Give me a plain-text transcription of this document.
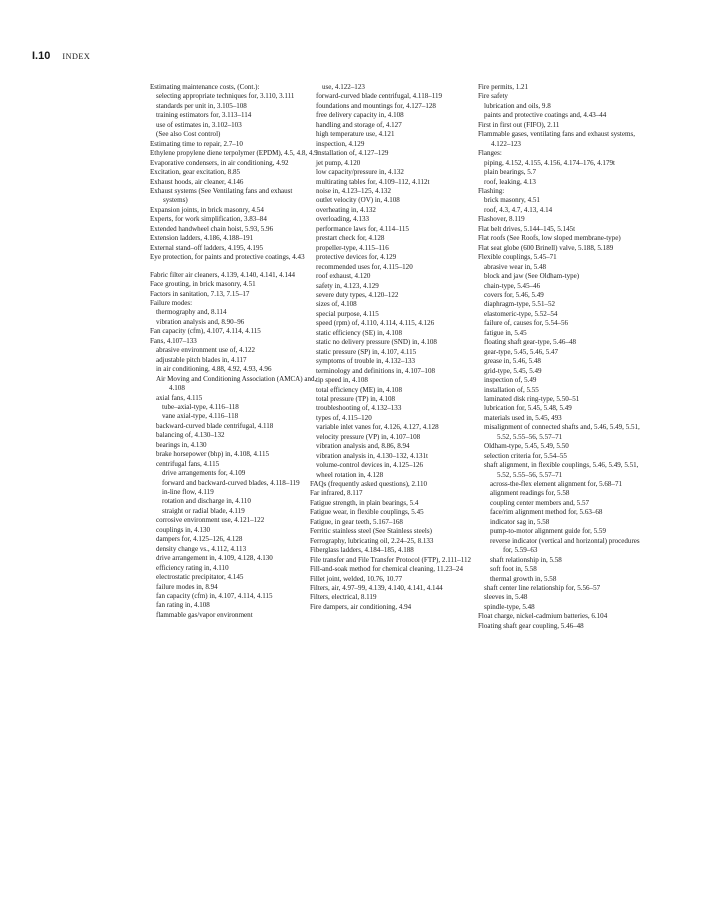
I.10 INDEX
Estimating maintenance costs, (Cont.):
selecting appropriate techniques for, 3.110, 3.111
standards per unit in, 3.105–108
training estimators for, 3.113–114
use of estimates in, 3.102–103
(See also Cost control)
Estimating time to repair, 2.7–10
Ethylene propylene diene terpolymer (EPDM), 4.5, 4.8, 4.9
Evaporative condensers, in air conditioning, 4.92
Excitation, gear excitation, 8.85
Exhaust hoods, air cleaner, 4.146
Exhaust systems (See Ventilating fans and exhaust systems)
Expansion joints, in brick masonry, 4.54
Experts, for work simplification, 3.83–84
Extended handwheel chain hoist, 5.93, 5.96
Extension ladders, 4.186, 4.188–191
External stand–off ladders, 4.195, 4.195
Eye protection, for paints and protective coatings, 4.43
Fabric filter air cleaners, 4.139, 4.140, 4.141, 4.144
Face grouting, in brick masonry, 4.51
Factors in sanitation, 7.13, 7.15–17
Failure modes:
thermography and, 8.114
vibration analysis and, 8.90–96
Fan capacity (cfm), 4.107, 4.114, 4.115
Fans, 4.107–133
abrasive environment use of, 4.122
adjustable pitch blades in, 4.117
in air conditioning, 4.88, 4.92, 4.93, 4.96
Air Moving and Conditioning Association (AMCA) and, 4.108
axial fans, 4.115
tube–axial-type, 4.116–118
vane axial-type, 4.116–118
backward-curved blade centrifugal, 4.118
balancing of, 4.130–132
bearings in, 4.130
brake horsepower (bhp) in, 4.108, 4.115
centrifugal fans, 4.115
drive arrangements for, 4.109
forward and backward-curved blades, 4.118–119
in-line flow, 4.119
rotation and discharge in, 4.110
straight or radial blade, 4.119
corrosive environment use, 4.121–122
couplings in, 4.130
dampers for, 4.125–126, 4.128
density change vs., 4.112, 4.113
drive arrangement in, 4.109, 4.128, 4.130
efficiency rating in, 4.110
electrostatic precipitator, 4.145
failure modes in, 8.94
fan capacity (cfm) in, 4.107, 4.114, 4.115
fan rating in, 4.108
flammable gas/vapor environment
use, 4.122–123
forward-curved blade centrifugal, 4.118–119
foundations and mountings for, 4.127–128
free delivery capacity in, 4.108
handling and storage of, 4.127
high temperature use, 4.121
inspection, 4.129
installation of, 4.127–129
jet pump, 4.120
low capacity/pressure in, 4.132
multirating tables for, 4.109–112, 4.112t
noise in, 4.123–125, 4.132
outlet velocity (OV) in, 4.108
overheating in, 4.132
overloading, 4.133
performance laws for, 4.114–115
prestart check for, 4.128
propeller-type, 4.115–116
protective devices for, 4.129
recommended uses for, 4.115–120
roof exhaust, 4.120
safety in, 4.123, 4.129
severe duty types, 4.120–122
sizes of, 4.108
special purpose, 4.115
speed (rpm) of, 4.110, 4.114, 4.115, 4.126
static efficiency (SE) in, 4.108
static no delivery pressure (SND) in, 4.108
static pressure (SP) in, 4.107, 4.115
symptoms of trouble in, 4.132–133
terminology and definitions in, 4.107–108
tip speed in, 4.108
total efficiency (ME) in, 4.108
total pressure (TP) in, 4.108
troubleshooting of, 4.132–133
types of, 4.115–120
variable inlet vanes for, 4.126, 4.127, 4.128
velocity pressure (VP) in, 4.107–108
vibration analysis and, 8.86, 8.94
vibration analysis in, 4.130–132, 4.131t
volume-control devices in, 4.125–126
wheel rotation in, 4.128
FAQs (frequently asked questions), 2.110
Far infrared, 8.117
Fatigue strength, in plain bearings, 5.4
Fatigue wear, in flexible couplings, 5.45
Fatigue, in gear teeth, 5.167–168
Ferritic stainless steel (See Stainless steels)
Ferrography, lubricating oil, 2.24–25, 8.133
Fiberglass ladders, 4.184–185, 4.188
File transfer and File Transfer Protocol (FTP), 2.111–112
Fill-and-soak method for chemical cleaning, 11.23–24
Fillet joint, welded, 10.76, 10.77
Filters, air, 4.97–99, 4.139, 4.140, 4.141, 4.144
Filters, electrical, 8.119
Fire dampers, air conditioning, 4.94
Fire permits, 1.21
Fire safety
lubrication and oils, 9.8
paints and protective coatings and, 4.43–44
First in first out (FIFO), 2.11
Flammable gases, ventilating fans and exhaust systems, 4.122–123
Flanges:
piping, 4.152, 4.155, 4.156, 4.174–176, 4.179t
plain bearings, 5.7
roof, leaking, 4.13
Flashing:
brick masonry, 4.51
roof, 4.3, 4.7, 4.13, 4.14
Flashover, 8.119
Flat belt drives, 5.144–145, 5.145t
Flat roofs (See Roofs, low sloped membrane-type)
Flat seat globe (600 Brinell) valve, 5.188, 5.189
Flexible couplings, 5.45–71
abrasive wear in, 5.48
block and jaw (See Oldham-type)
chain-type, 5.45–46
covers for, 5.46, 5.49
diaphragm-type, 5.51–52
elastomeric-type, 5.52–54
failure of, causes for, 5.54–56
fatigue in, 5.45
floating shaft gear-type, 5.46–48
gear-type, 5.45, 5.46, 5.47
grease in, 5.46, 5.48
grid-type, 5.45, 5.49
inspection of, 5.49
installation of, 5.55
laminated disk ring-type, 5.50–51
lubrication for, 5.45, 5.48, 5.49
materials used in, 5.45, 493
misalignment of connected shafts and, 5.46, 5.49, 5.51, 5.52, 5.55–56, 5.57–71
Oldham-type, 5.45, 5.49, 5.50
selection criteria for, 5.54–55
shaft alignment, in flexible couplings, 5.46, 5.49, 5.51, 5.52, 5.55–56, 5.57–71
across-the-flex element alignment for, 5.68–71
alignment readings for, 5.58
coupling center members and, 5.57
face/rim alignment method for, 5.63–68
indicator sag in, 5.58
pump-to-motor alignment guide for, 5.59
reverse indicator (vertical and horizontal) procedures for, 5.59–63
shaft relationship in, 5.58
soft foot in, 5.58
thermal growth in, 5.58
shaft center line relationship for, 5.56–57
sleeves in, 5.48
spindle-type, 5.48
Float charge, nickel-cadmium batteries, 6.104
Floating shaft gear coupling, 5.46–48
